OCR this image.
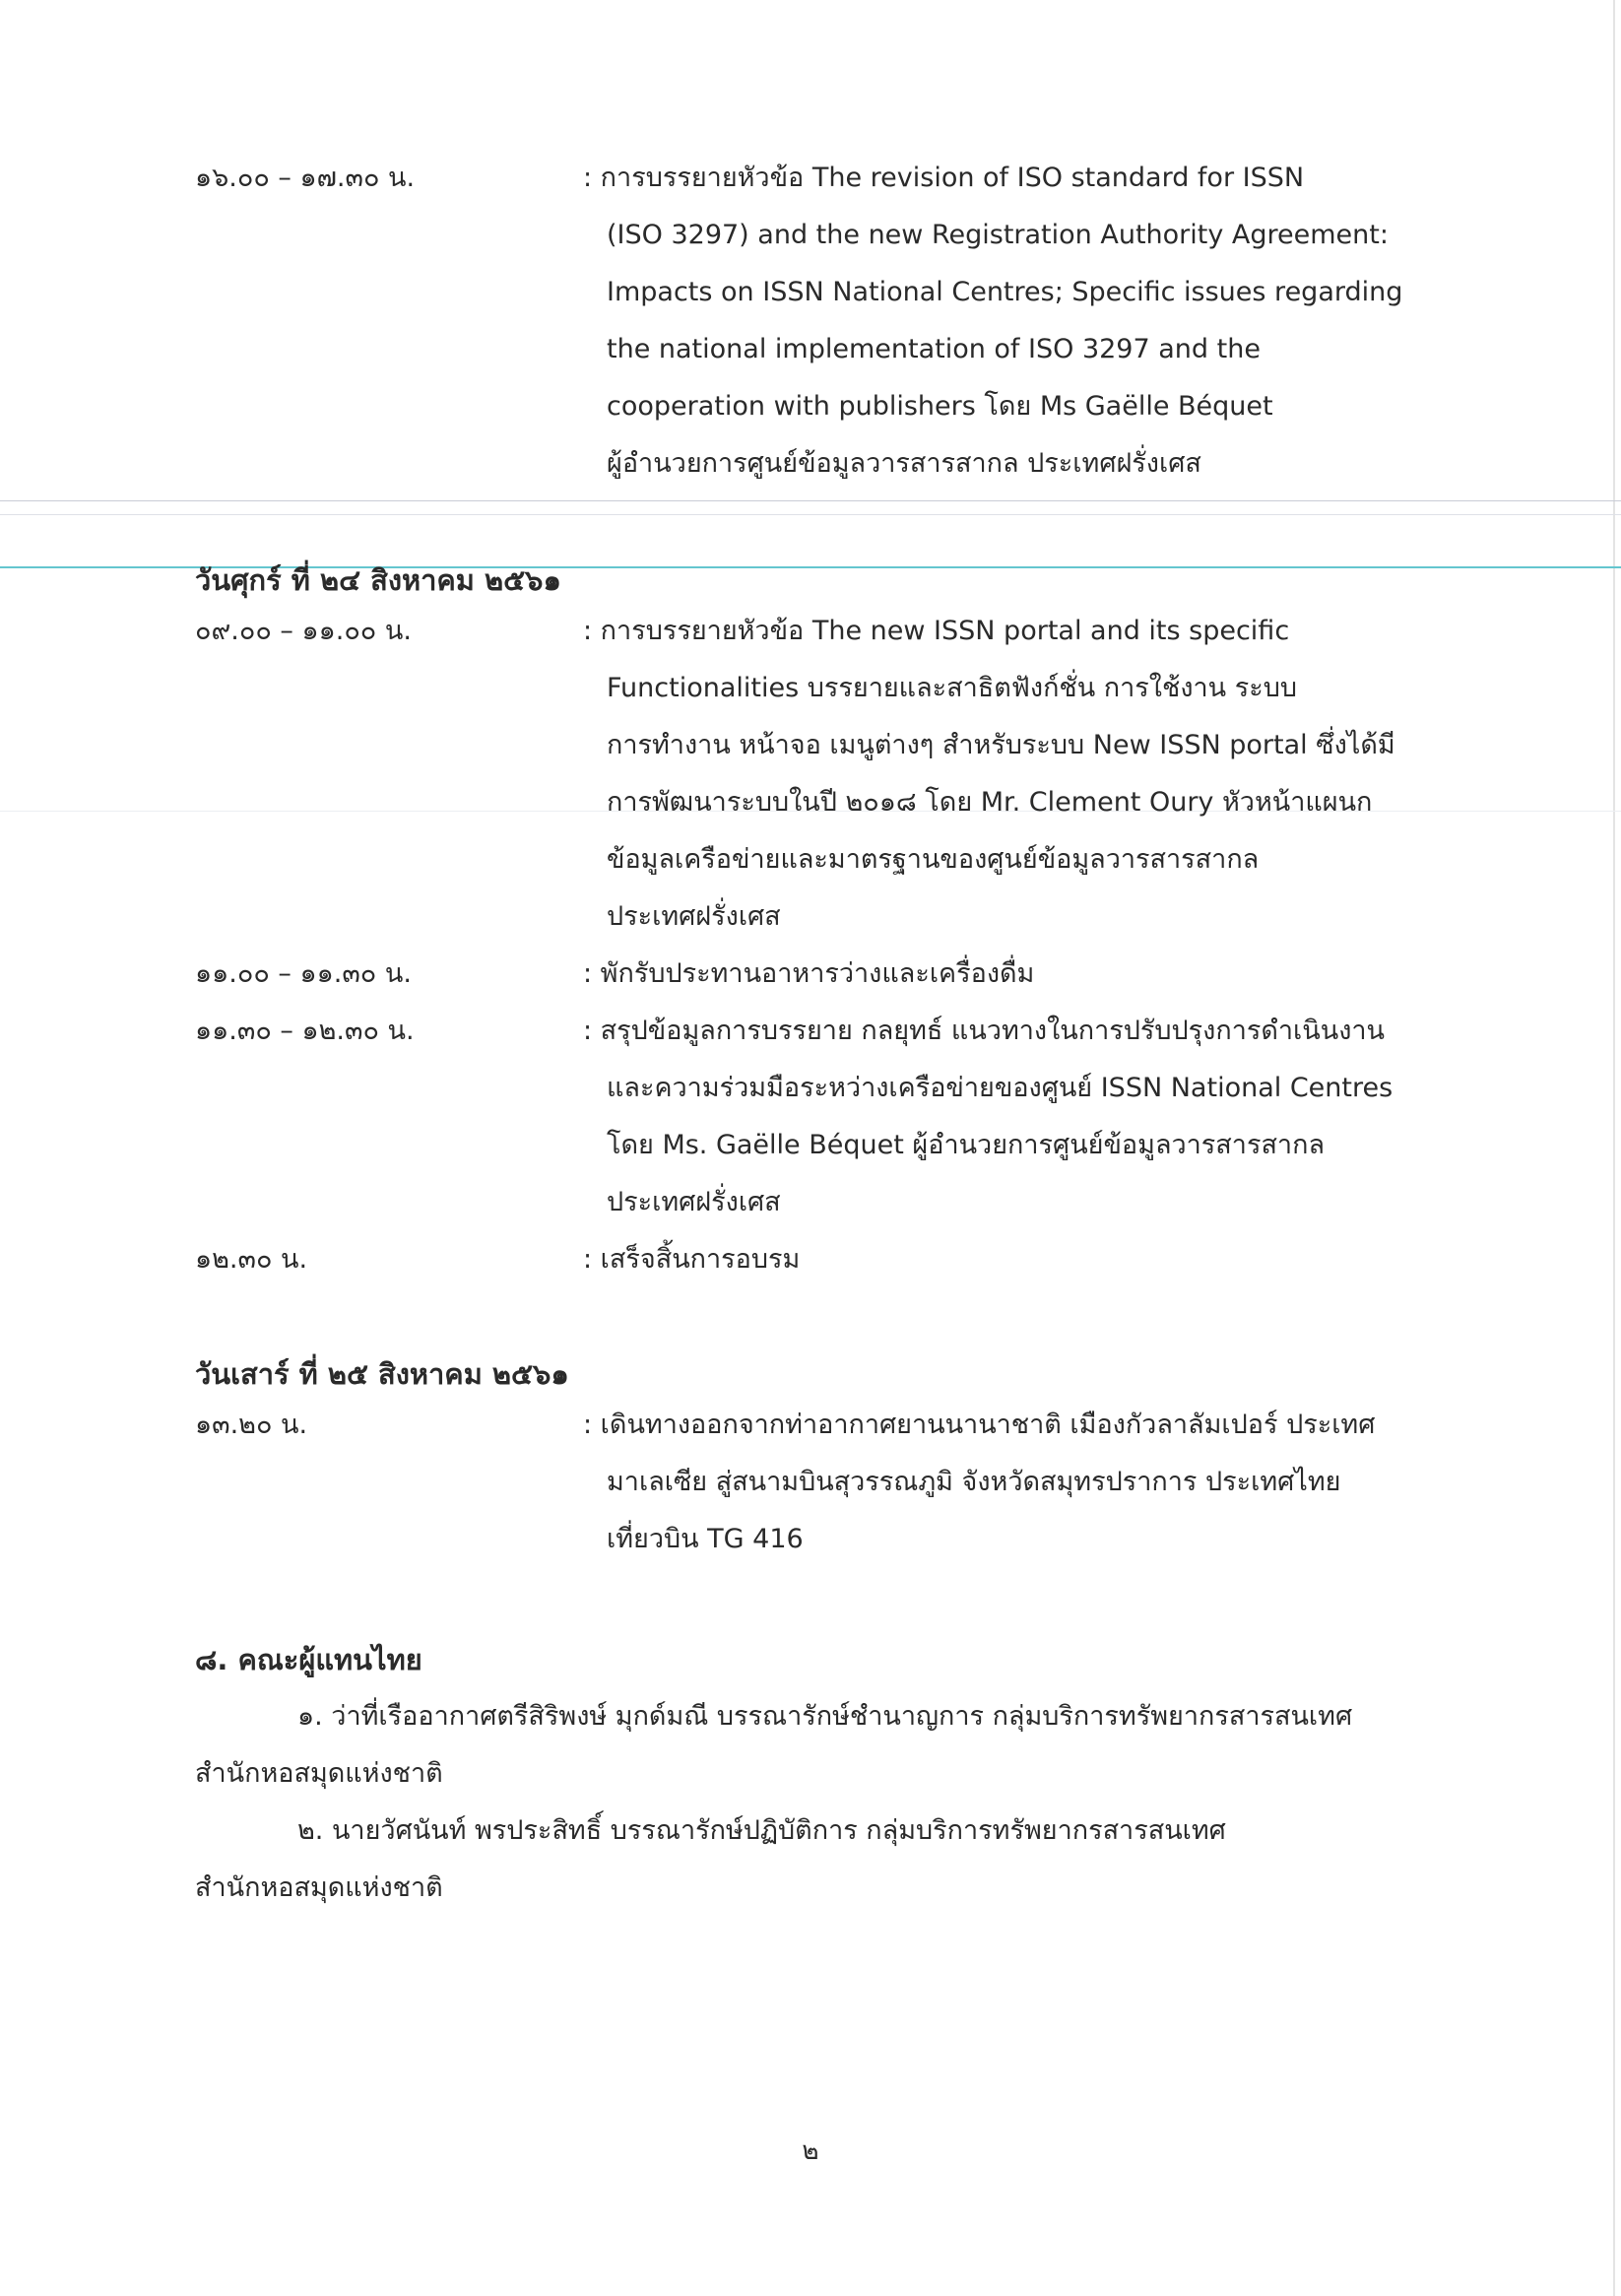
๑๖.๐๐ – ๑๗.๓๐ น.	: การบรรยายหัวข้อ The revision of ISO standard for ISSN
(ISO 3297) and the new Registration Authority Agreement:
Impacts on ISSN National Centres; Specific issues regarding
the national implementation of ISO 3297 and the
cooperation with publishers โดย Ms Gaëlle Béquet
ผู้อำนวยการศูนย์ข้อมูลวารสารสากล ประเทศฝรั่งเศส
วันศุกร์ ที่ ๒๔ สิงหาคม ๒๕๖๑
๐๙.๐๐ – ๑๑.๐๐ น.	: การบรรยายหัวข้อ The new ISSN portal and its specific
Functionalities บรรยายและสาธิตฟังก์ชั่น การใช้งาน ระบบ
การทำงาน หน้าจอ เมนูต่างๆ สำหรับระบบ New ISSN portal ซึ่งได้มี
การพัฒนาระบบในปี ๒๐๑๘ โดย Mr. Clement Oury หัวหน้าแผนก
ข้อมูลเครือข่ายและมาตรฐานของศูนย์ข้อมูลวารสารสากล
ประเทศฝรั่งเศส
๑๑.๐๐ – ๑๑.๓๐ น.	: พักรับประทานอาหารว่างและเครื่องดื่ม
๑๑.๓๐ – ๑๒.๓๐ น.	: สรุปข้อมูลการบรรยาย กลยุทธ์ แนวทางในการปรับปรุงการดำเนินงาน
และความร่วมมือระหว่างเครือข่ายของศูนย์ ISSN National Centres
โดย Ms. Gaëlle Béquet ผู้อำนวยการศูนย์ข้อมูลวารสารสากล
ประเทศฝรั่งเศส
๑๒.๓๐ น.	: เสร็จสิ้นการอบรม
วันเสาร์ ที่ ๒๕ สิงหาคม ๒๕๖๑
๑๓.๒๐ น.	: เดินทางออกจากท่าอากาศยานนานาชาติ เมืองกัวลาลัมเปอร์ ประเทศ
มาเลเซีย สู่สนามบินสุวรรณภูมิ จังหวัดสมุทรปราการ ประเทศไทย
เที่ยวบิน TG 416
๘. คณะผู้แทนไทย
๑. ว่าที่เรืออากาศตรีสิริพงษ์ มุกด์มณี บรรณารักษ์ชำนาญการ กลุ่มบริการทรัพยากรสารสนเทศ
สำนักหอสมุดแห่งชาติ
๒. นายวัศนันท์ พรประสิทธิ์ บรรณารักษ์ปฏิบัติการ กลุ่มบริการทรัพยากรสารสนเทศ
สำนักหอสมุดแห่งชาติ
๒
